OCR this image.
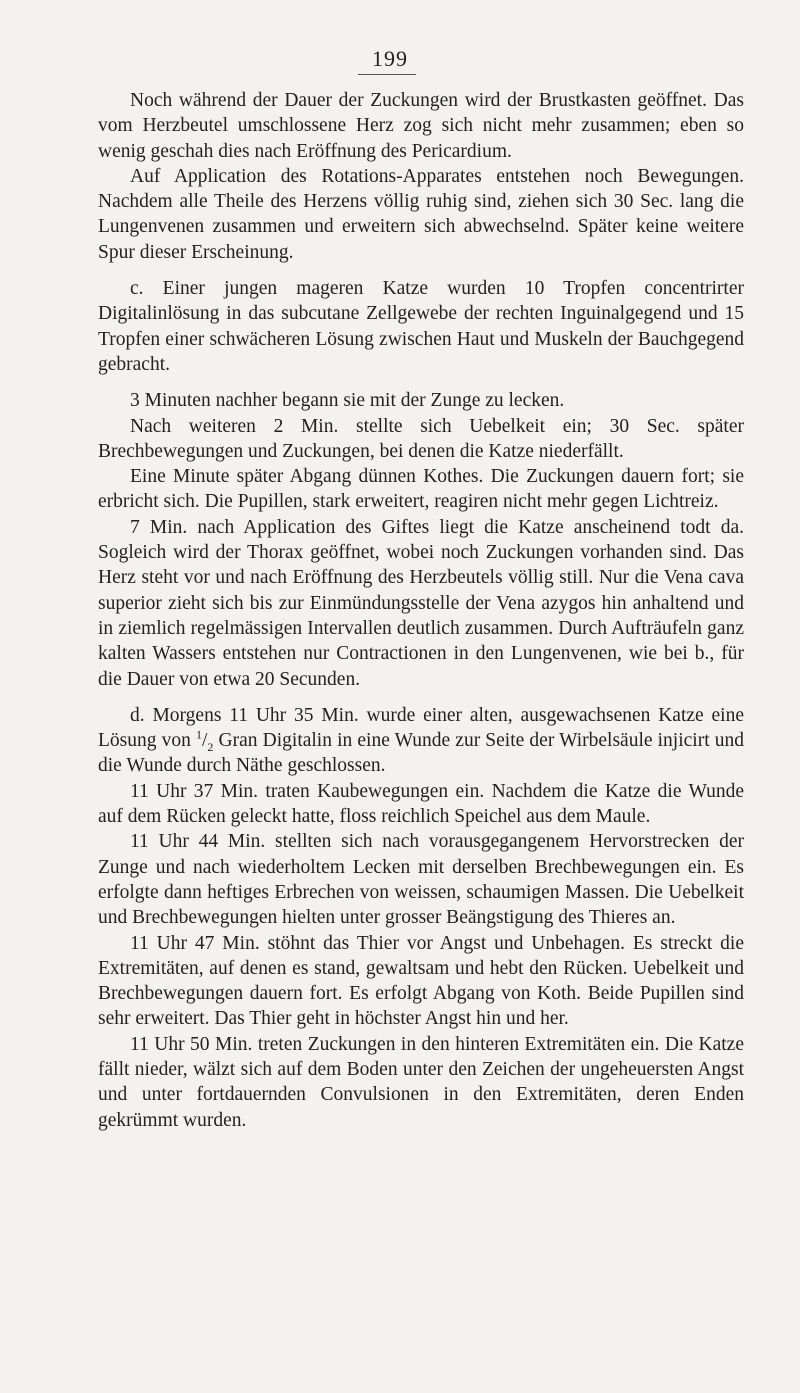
199

Noch während der Dauer der Zuckungen wird der Brustkasten geöffnet. Das vom Herzbeutel umschlossene Herz zog sich nicht mehr zusammen; eben so wenig geschah dies nach Eröffnung des Pericardium.

Auf Application des Rotations-Apparates entstehen noch Bewegungen. Nachdem alle Theile des Herzens völlig ruhig sind, ziehen sich 30 Sec. lang die Lungenvenen zusammen und erweitern sich abwechselnd. Später keine weitere Spur dieser Erscheinung.

c. Einer jungen mageren Katze wurden 10 Tropfen concentrirter Digitalinlösung in das subcutane Zellgewebe der rechten Inguinalgegend und 15 Tropfen einer schwächeren Lösung zwischen Haut und Muskeln der Bauchgegend gebracht.

3 Minuten nachher begann sie mit der Zunge zu lecken.

Nach weiteren 2 Min. stellte sich Uebelkeit ein; 30 Sec. später Brechbewegungen und Zuckungen, bei denen die Katze niederfällt.

Eine Minute später Abgang dünnen Kothes. Die Zuckungen dauern fort; sie erbricht sich. Die Pupillen, stark erweitert, reagiren nicht mehr gegen Lichtreiz.

7 Min. nach Application des Giftes liegt die Katze anscheinend todt da. Sogleich wird der Thorax geöffnet, wobei noch Zuckungen vorhanden sind. Das Herz steht vor und nach Eröffnung des Herzbeutels völlig still. Nur die Vena cava superior zieht sich bis zur Einmündungsstelle der Vena azygos hin anhaltend und in ziemlich regelmässigen Intervallen deutlich zusammen. Durch Aufträufeln ganz kalten Wassers entstehen nur Contractionen in den Lungenvenen, wie bei b., für die Dauer von etwa 20 Secunden.

d. Morgens 11 Uhr 35 Min. wurde einer alten, ausgewachsenen Katze eine Lösung von $^1/_2$ Gran Digitalin in eine Wunde zur Seite der Wirbelsäule injicirt und die Wunde durch Näthe geschlossen.

11 Uhr 37 Min. traten Kaubewegungen ein. Nachdem die Katze die Wunde auf dem Rücken geleckt hatte, floss reichlich Speichel aus dem Maule.

11 Uhr 44 Min. stellten sich nach vorausgegangenem Hervorstrecken der Zunge und nach wiederholtem Lecken mit derselben Brechbewegungen ein. Es erfolgte dann heftiges Erbrechen von weissen, schaumigen Massen. Die Uebelkeit und Brechbewegungen hielten unter grosser Beängstigung des Thieres an.

11 Uhr 47 Min. stöhnt das Thier vor Angst und Unbehagen. Es streckt die Extremitäten, auf denen es stand, gewaltsam und hebt den Rücken. Uebelkeit und Brechbewegungen dauern fort. Es erfolgt Abgang von Koth. Beide Pupillen sind sehr erweitert. Das Thier geht in höchster Angst hin und her.

11 Uhr 50 Min. treten Zuckungen in den hinteren Extremitäten ein. Die Katze fällt nieder, wälzt sich auf dem Boden unter den Zeichen der ungeheuersten Angst und unter fortdauernden Convulsionen in den Extremitäten, deren Enden gekrümmt wurden.
